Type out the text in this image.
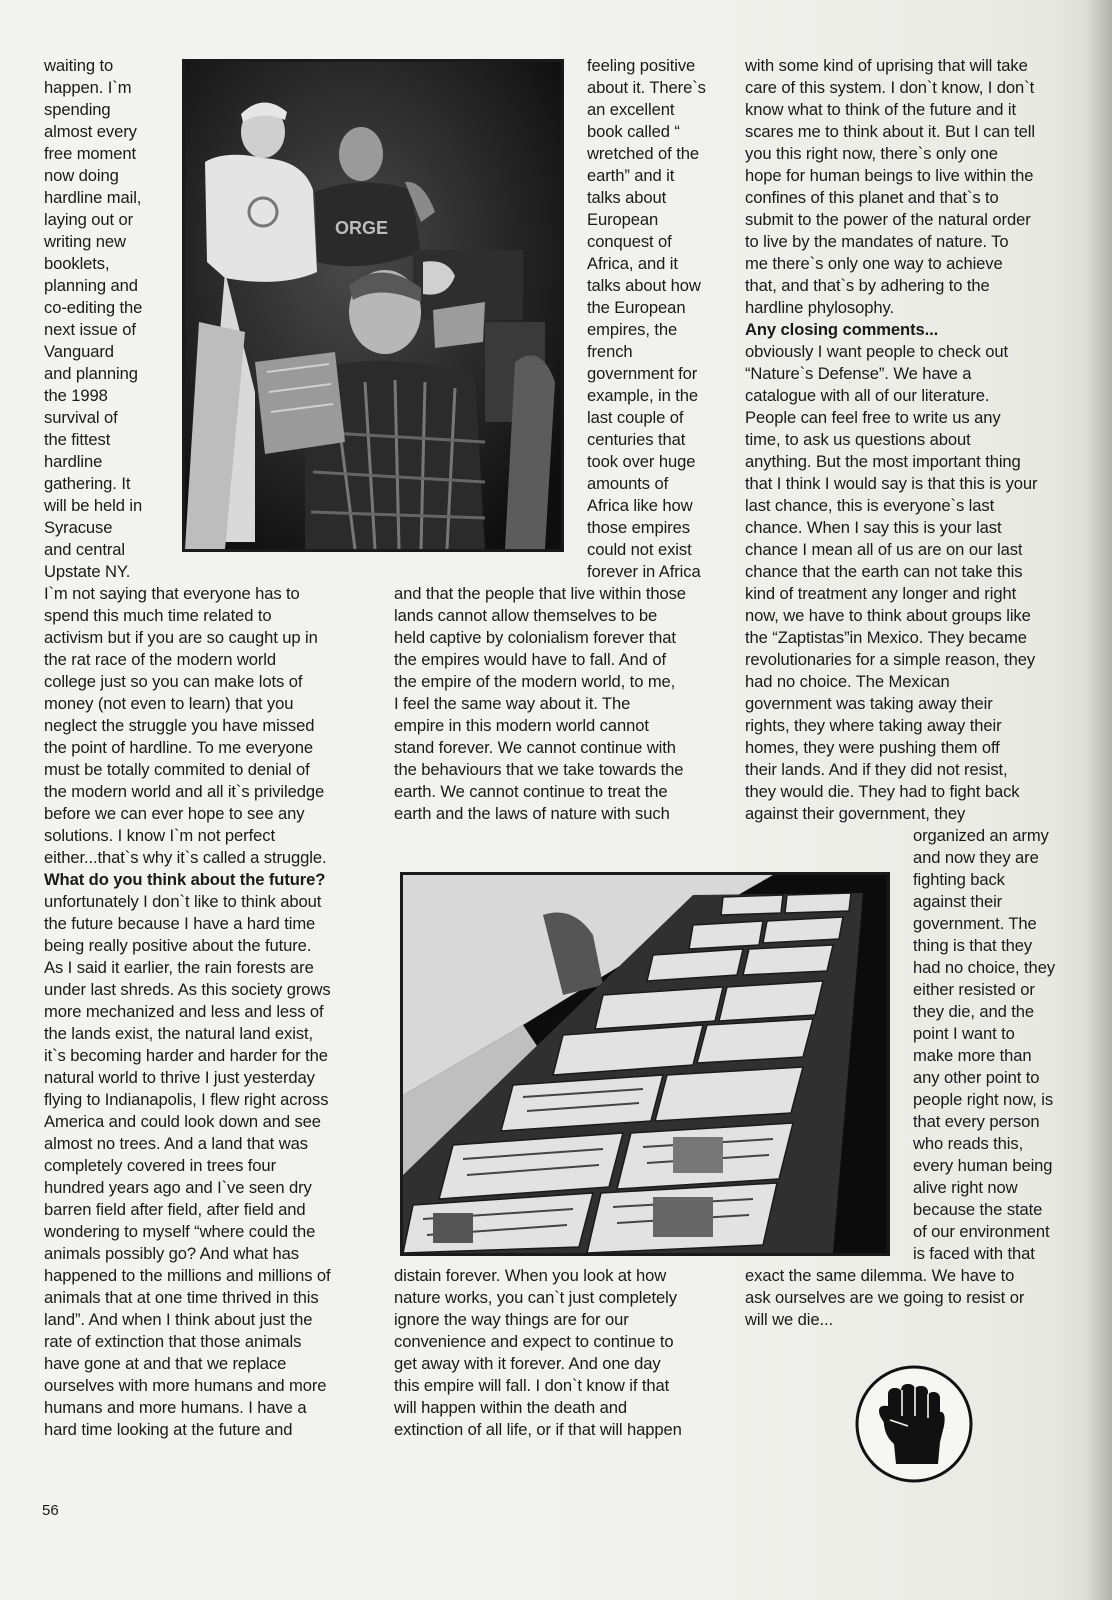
ORGE
waiting to
happen. I`m
spending
almost every
free moment
now doing
hardline mail,
laying out or
writing new
booklets,
planning and
co-editing the
next issue of
Vanguard
and planning
the 1998
survival of
the fittest
hardline
gathering. It
will be held in
Syracuse
and central
Upstate NY.
I`m not saying that everyone has to
spend this much time related to
activism but if you are so caught up in
the rat race of the modern world
college just so you can make lots of
money (not even to learn) that you
neglect the struggle you have missed
the point of hardline. To me everyone
must be totally commited to denial of
the modern world and all it`s priviledge
before we can ever hope to see any
solutions. I know I`m not perfect
either...that`s why it`s called a struggle.
What do you think about the future?
unfortunately I don`t like to think about
the future because I have a hard time
being really positive about the future.
As I said it earlier, the rain forests are
under last shreds. As this society grows
more mechanized and less and less of
the lands exist, the natural land exist,
it`s becoming harder and harder for the
natural world to thrive I just yesterday
flying to Indianapolis, I flew right across
America and could look down and see
almost no trees. And a land that was
completely covered in trees four
hundred years ago and I`ve seen dry
barren field after field, after field and
wondering to myself “where could the
animals possibly go? And what has
happened to the millions and millions of
animals that at one time thrived in this
land”. And when I think about just the
rate of extinction that those animals
have gone at and that we replace
ourselves with more humans and more
humans and more humans. I have a
hard time looking at the future and
feeling positive
about it. There`s
an excellent
book called “
wretched of the
earth” and it
talks about
European
conquest of
Africa, and it
talks about how
the European
empires, the
french
government for
example, in the
last couple of
centuries that
took over huge
amounts of
Africa like how
those empires
could not exist
forever in Africa
and that the people that live within those
lands cannot allow themselves to be
held captive by colonialism forever that
the empires would have to fall. And of
the empire of the modern world, to me,
I feel the same way about it. The
empire in this modern world cannot
stand forever. We cannot continue with
the behaviours that we take towards the
earth. We cannot continue to treat the
earth and the laws of nature with such
distain forever. When you look at how
nature works, you can`t just completely
ignore the way things are for our
convenience and expect to continue to
get away with it forever. And one day
this empire will fall. I don`t know if that
will happen within the death and
extinction of all life, or if that will happen
with some kind of uprising that will take
care of this system. I don`t know, I don`t
know what to think of the future and it
scares me to think about it. But I can tell
you this right now, there`s only one
hope for human beings to live within the
confines of this planet and that`s to
submit to the power of the natural order
to live by the mandates of nature. To
me there`s only one way to achieve
that, and that`s by adhering to the
hardline phylosophy.
Any closing comments...
obviously I want people to check out
“Nature`s Defense”. We have a
catalogue with all of our literature.
People can feel free to write us any
time, to ask us questions about
anything. But the most important thing
that I think I would say is that this is your
last chance, this is everyone`s last
chance. When I say this is your last
chance I mean all of us are on our last
chance that the earth can not take this
kind of treatment any longer and right
now, we have to think about groups like
the “Zaptistas”in Mexico. They became
revolutionaries for a simple reason, they
had no choice. The Mexican
government was taking away their
rights, they where taking away their
homes, they were pushing them off
their lands. And if they did not resist,
they would die. They had to fight back
against their government, they
organized an army
and now they are
fighting back
against their
government. The
thing is that they
had no choice, they
either resisted or
they die, and the
point I want to
make more than
any other point to
people right now, is
that every person
who reads this,
every human being
alive right now
because the state
of our environment
is faced with that
exact the same dilemma. We have to
ask ourselves are we going to resist or
will we die...
56
